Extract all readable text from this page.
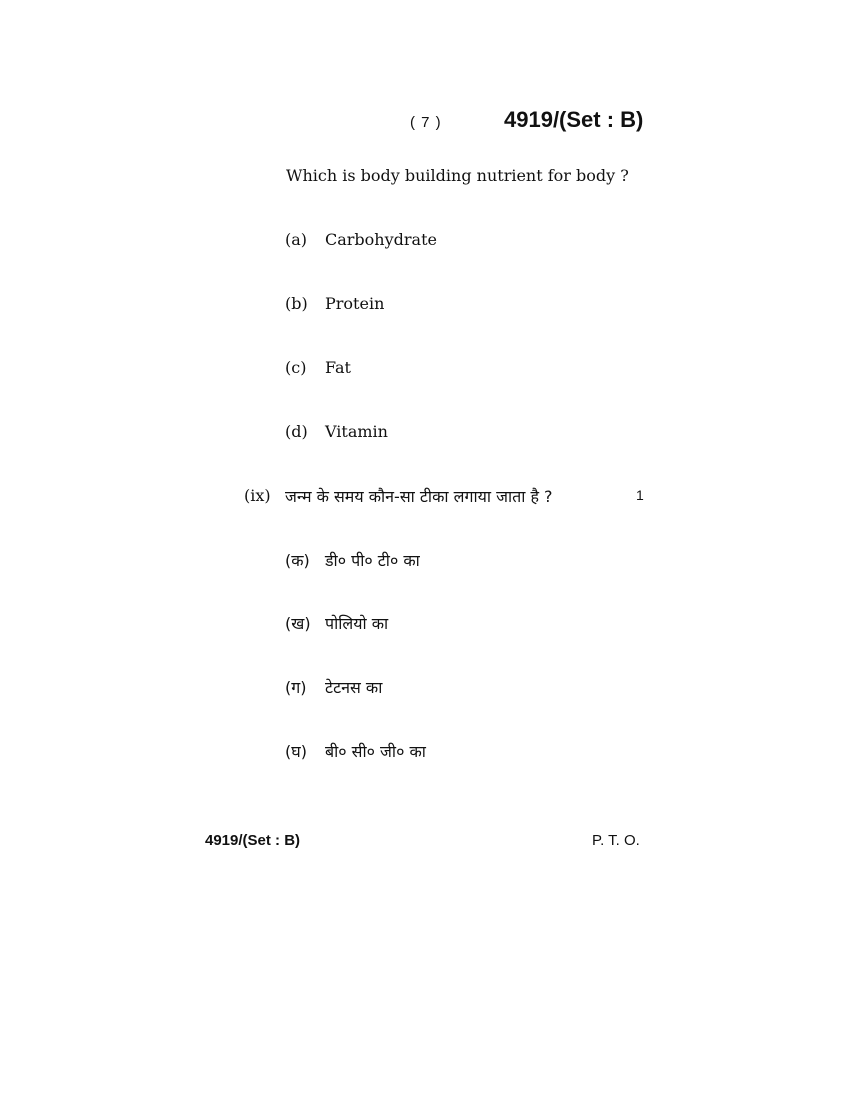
( 7 )	4919/(Set : B)
Which is body building nutrient for body ?
(a) Carbohydrate
(b) Protein
(c) Fat
(d) Vitamin
(ix) जन्म के समय कौन-सा टीका लगाया जाता है ?	1
(क) डी० पी० टी० का
(ख) पोलियो का
(ग) टेटनस का
(घ) बी० सी० जी० का
4919/(Set : B)	P. T. O.
